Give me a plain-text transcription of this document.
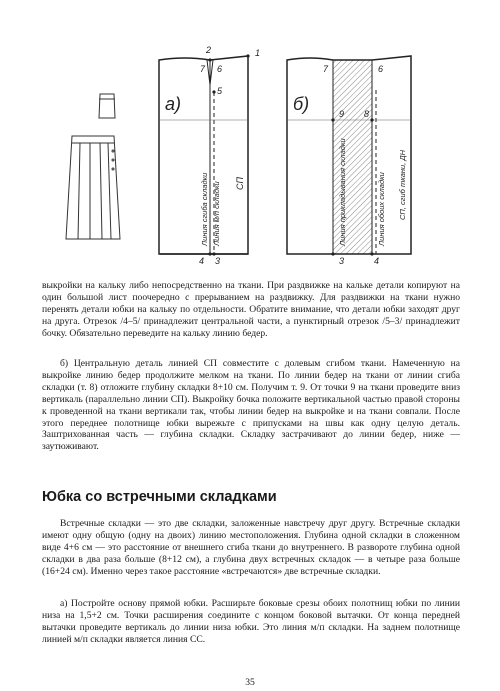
1
2
7 6
5
4 3
а)
Линия сгиба складки Линия м/п складки СП
7	6
9 8
3	4
б)
Линия прикладывания складки	Линия обоих складки СП, сгиб ткани, ДН

выкройки на кальку либо непосредственно на ткани. При раздвижке на кальке детали копируют на один большой лист поочередно с прерыванием на раздвижку. Для раздвижки на ткани нужно перенять детали юбки на кальку по отдельности. Обратите внимание, что детали юбки заходят друг на друга. Отрезок /4–5/ принадлежит центральной части, а пунктирный отрезок /5–3/ принадлежит бочку. Обязательно переведите на кальку линию бедер.

б) Центральную деталь линией СП совместите с долевым сгибом ткани. Намеченную на выкройке линию бедер продолжите мелком на ткани. По линии бедер на ткани от линии сгиба складки (т. 8) отложите глубину складки 8+10 см. Получим т. 9. От точки 9 на ткани проведите вниз вертикаль (параллельно линии СП). Выкройку бочка положите вертикальной частью правой стороны к проведенной на ткани вертикали так, чтобы линии бедер на выкройке и на ткани совпали. После этого переднее полотнище юбки вырежьте с припусками на швы как одну целую деталь. Заштрихованная часть — глубина складки. Складку застрачивают до линии бедер, ниже — заутюживают.

Юбка со встречными складками

Встречные складки — это две складки, заложенные навстречу друг другу. Встречные складки имеют одну общую (одну на двоих) линию местоположения. Глубина одной складки в сложенном виде 4+6 см — это расстояние от внешнего сгиба ткани до внутреннего. В развороте глубина одной складки в два раза больше (8+12 см), а глубина двух встречных складок — в четыре раза больше (16+24 см). Именно через такое расстояние «встречаются» две встречные складки.

а) Постройте основу прямой юбки. Расширьте боковые срезы обоих полотнищ юбки по линии низа на 1,5+2 см. Точки расширения соедините с концом боковой вытачки. От конца передней вытачки проведите вертикаль до линии низа юбки. Это линия м/п складки. На заднем полотнище линией м/п складки является линия СС.

35
